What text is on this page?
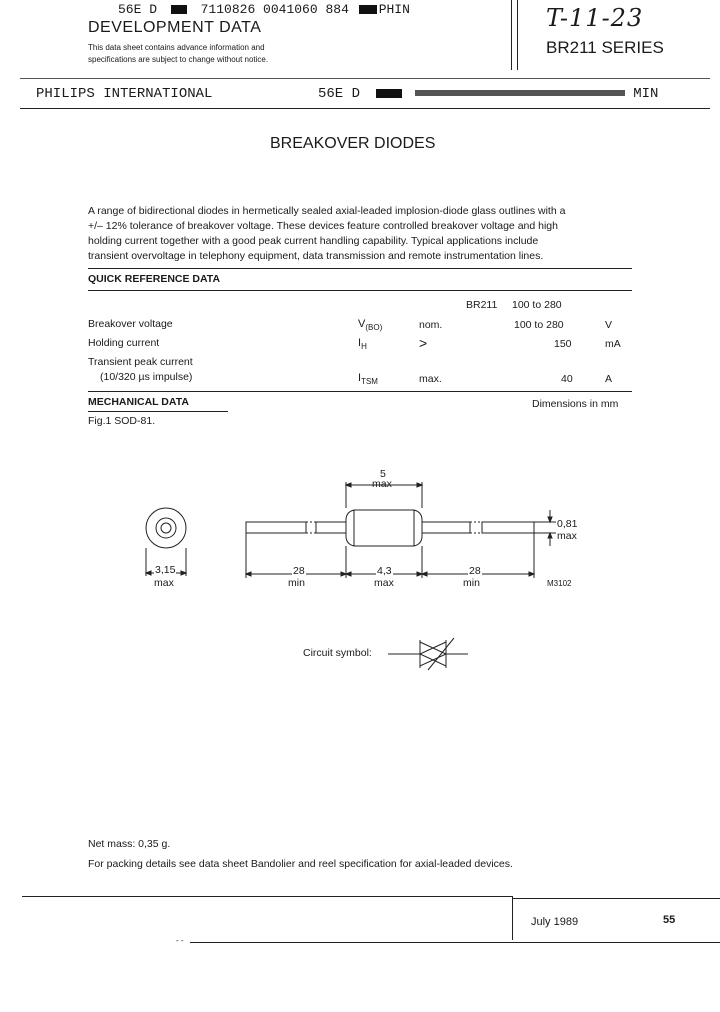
56E D	7110826 0041060 884 PHIN
DEVELOPMENT DATA
This data sheet contains advance information and
specifications are subject to change without notice.
T-11-23
BR211 SERIES
PHILIPS INTERNATIONAL	56E D	MIN
BREAKOVER DIODES
A range of bidirectional diodes in hermetically sealed axial-leaded implosion-diode glass outlines with a
+/– 12% tolerance of breakover voltage. These devices feature controlled breakover voltage and high
holding current together with a good peak current handling capability. Typical applications include
transient overvoltage in telephony equipment, data transmission and remote instrumentation lines.
QUICK REFERENCE DATA
BR211 100 to 280
Breakover voltage	$V_{(BO)}$	nom.	100 to 280	V
Holding current	$I_H$	>	150	mA
Transient peak current
(10/320 µs impulse)	$I_{TSM}$	max.	40	A
MECHANICAL DATA	Dimensions in mm
Fig.1 SOD-81.
5
max
0,81
max
3,15
max
28
min
4,3
max
28
min	M3102
Circuit symbol:
Net mass: 0,35 g.
For packing details see data sheet Bandolier and reel specification for axial-leaded devices.
- -
July 1989	55
